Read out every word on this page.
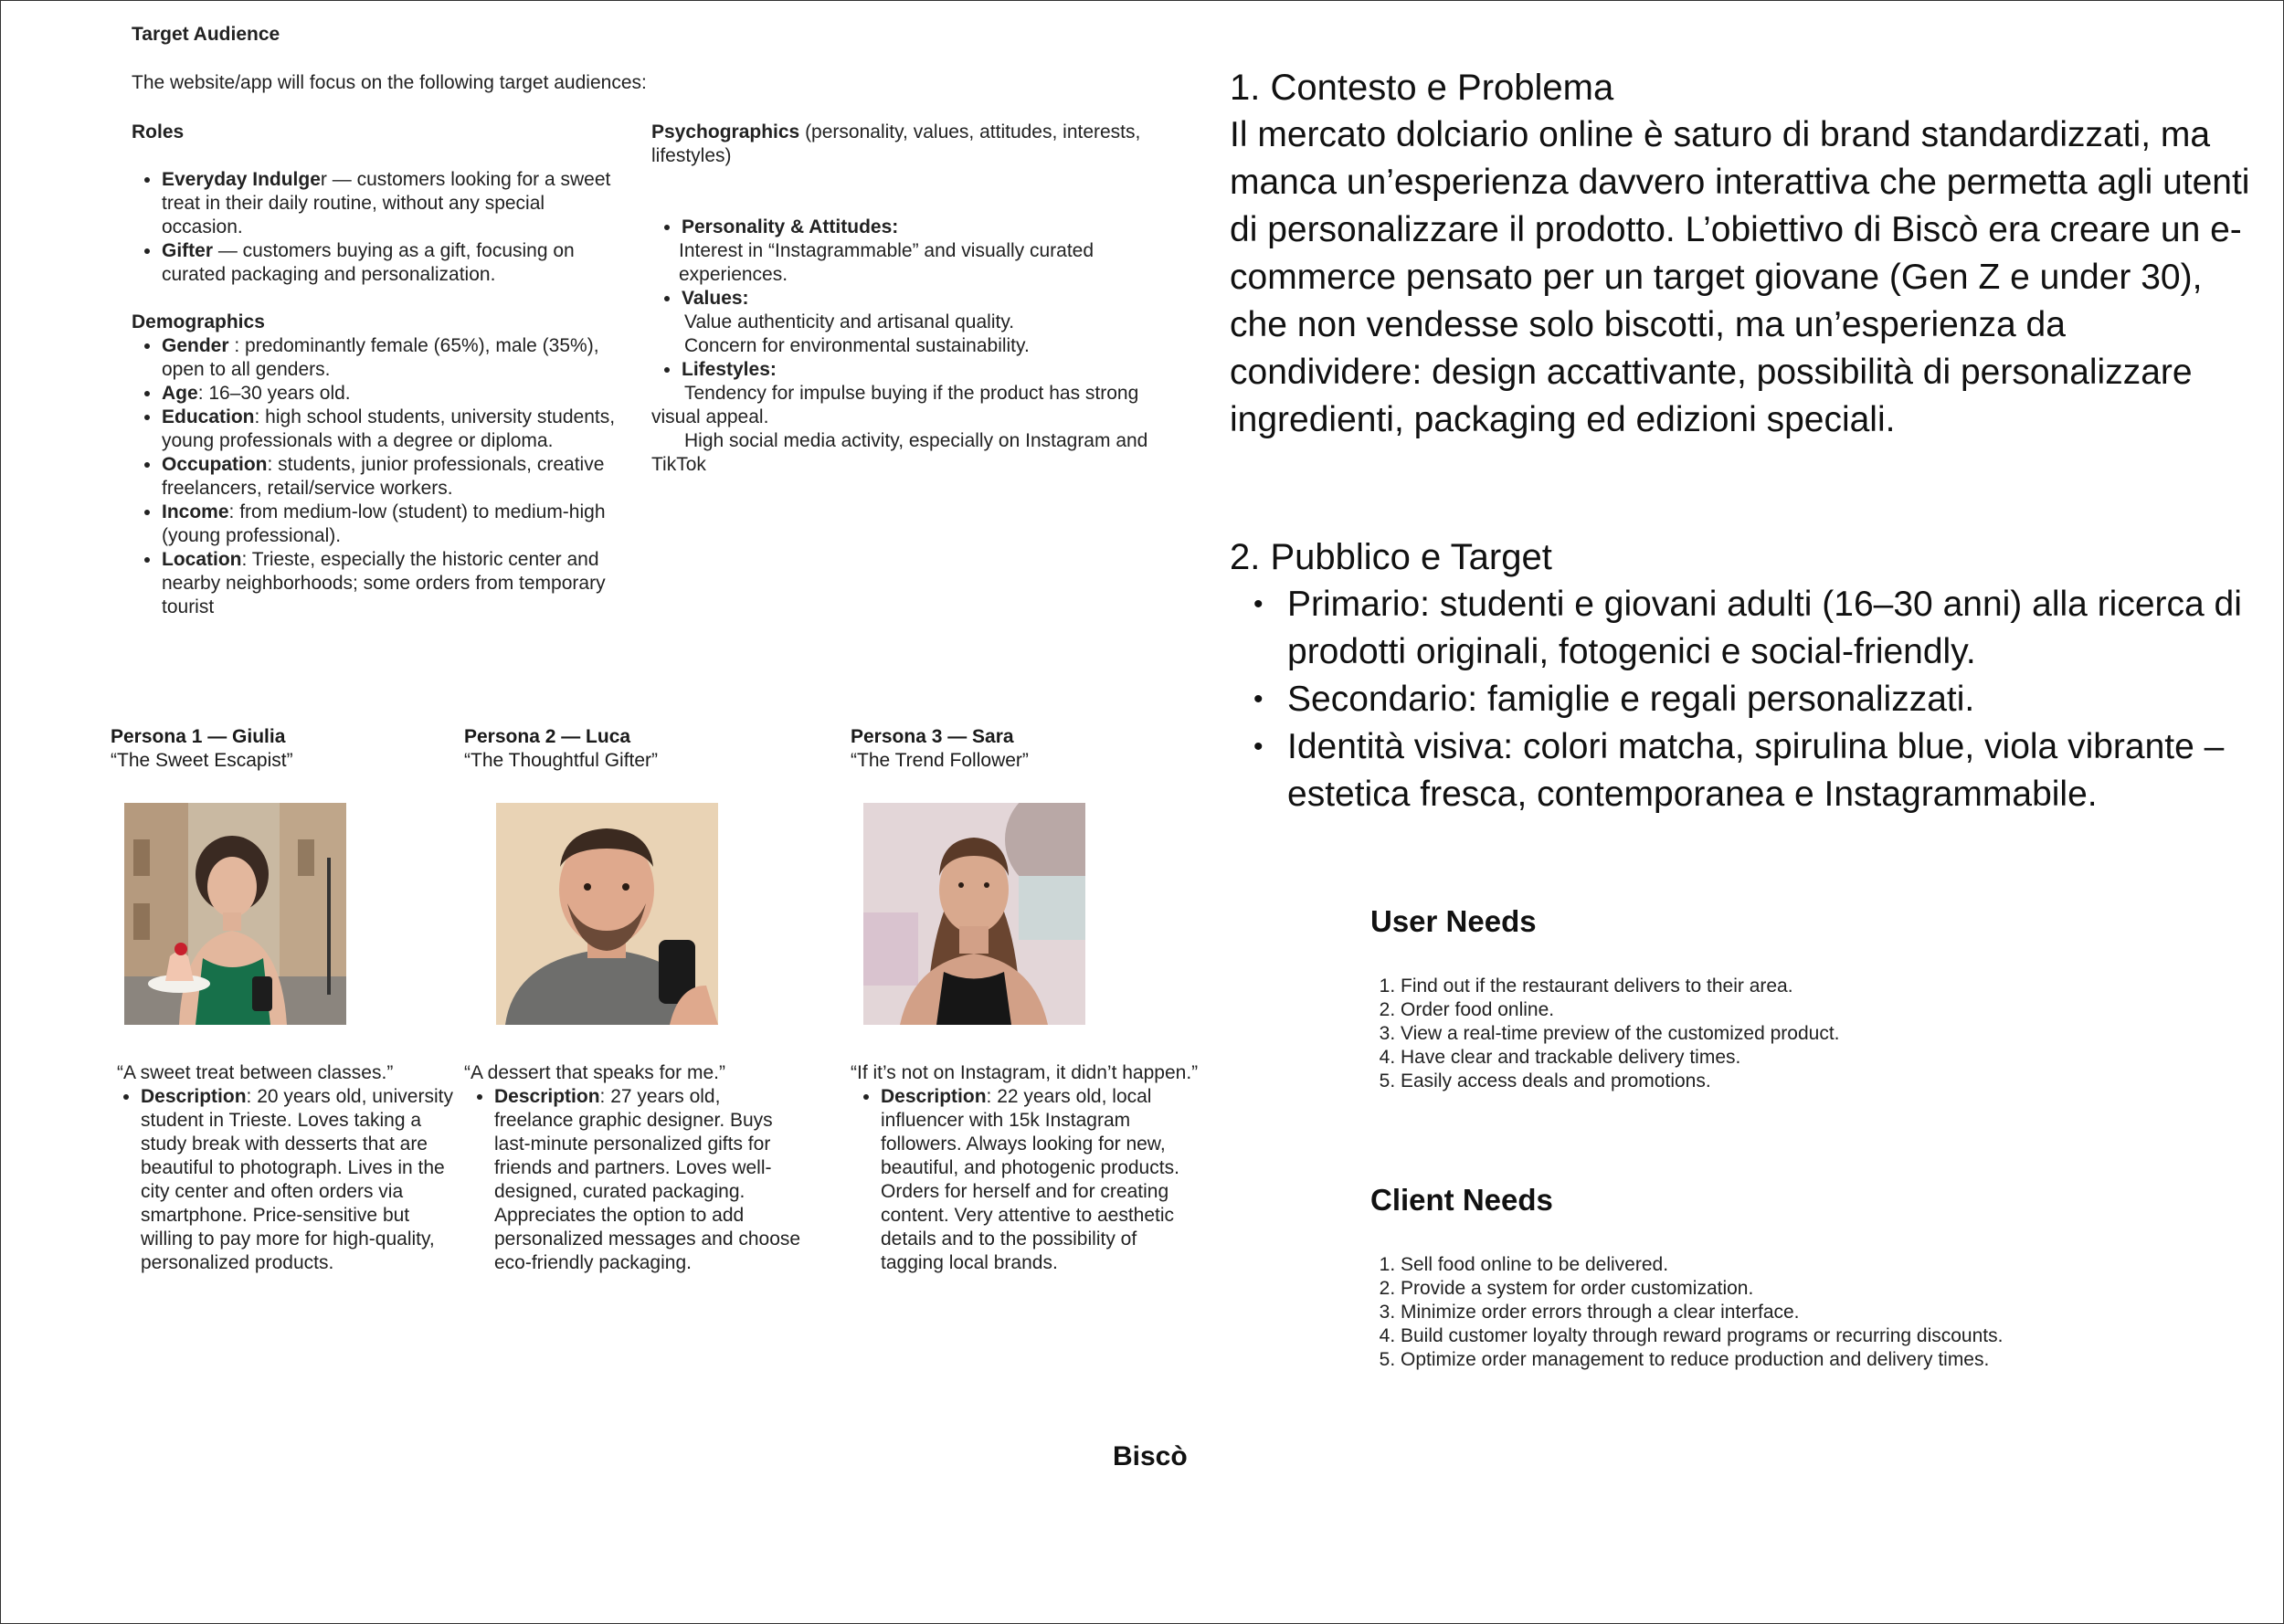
Target Audience
The website/app will focus on the following target audiences:
Roles
• Everyday Indulger — customers looking for a sweet treat in their daily routine, without any special occasion.
• Gifter — customers buying as a gift, focusing on curated packaging and personalization.
Demographics
• Gender : predominantly female (65%), male (35%), open to all genders.
• Age: 16–30 years old.
• Education: high school students, university students, young professionals with a degree or diploma.
• Occupation: students, junior professionals, creative freelancers, retail/service workers.
• Income: from medium-low (student) to medium-high (young professional).
• Location: Trieste, especially the historic center and nearby neighborhoods; some orders from temporary tourist

Psychographics (personality, values, attitudes, interests, lifestyles)

• Personality & Attitudes:

Interest in “Instagrammable” and visually curated experiences.

• Values:

Value authenticity and artisanal quality.

Concern for environmental sustainability.

• Lifestyles:

Tendency for impulse buying if the product has strong visual appeal.

High social media activity, especially on Instagram and TikTok

Persona 1 — Giulia
“The Sweet Escapist”
“A sweet treat between classes.”
• Description: 20 years old, university student in Trieste. Loves taking a study break with desserts that are beautiful to photograph. Lives in the city center and often orders via smartphone. Price-sensitive but willing to pay more for high-quality, personalized products.
Persona 2 — Luca
“The Thoughtful Gifter”
“A dessert that speaks for me.”
• Description: 27 years old, freelance graphic designer. Buys last-minute personalized gifts for friends and partners. Loves well-designed, curated packaging. Appreciates the option to add personalized messages and choose eco-friendly packaging.
Persona 3 — Sara
“The Trend Follower”
“If it’s not on Instagram, it didn’t happen.”
• Description: 22 years old, local influencer with 15k Instagram followers. Always looking for new, beautiful, and photogenic products. Orders for herself and for creating content. Very attentive to aesthetic details and to the possibility of tagging local brands.
1. Contesto e Problema
Il mercato dolciario online è saturo di brand standardizzati, ma manca un’esperienza davvero interattiva che permetta agli utenti di personalizzare il prodotto. L’obiettivo di Biscò era creare un e-commerce pensato per un target giovane (Gen Z e under 30), che non vendesse solo biscotti, ma un’esperienza da condividere: design accattivante, possibilità di personalizzare ingredienti, packaging ed edizioni speciali.
2. Pubblico e Target
• Primario: studenti e giovani adulti (16–30 anni) alla ricerca di prodotti originali, fotogenici e social-friendly.
• Secondario: famiglie e regali personalizzati.
• Identità visiva: colori matcha, spirulina blue, viola vibrante – estetica fresca, contemporanea e Instagrammabile.
User Needs
1. Find out if the restaurant delivers to their area.
2. Order food online.
3. View a real-time preview of the customized product.
4. Have clear and trackable delivery times.
5. Easily access deals and promotions.
Client Needs
1. Sell food online to be delivered.
2. Provide a system for order customization.
3. Minimize order errors through a clear interface.
4. Build customer loyalty through reward programs or recurring discounts.
5. Optimize order management to reduce production and delivery times.
Biscò
